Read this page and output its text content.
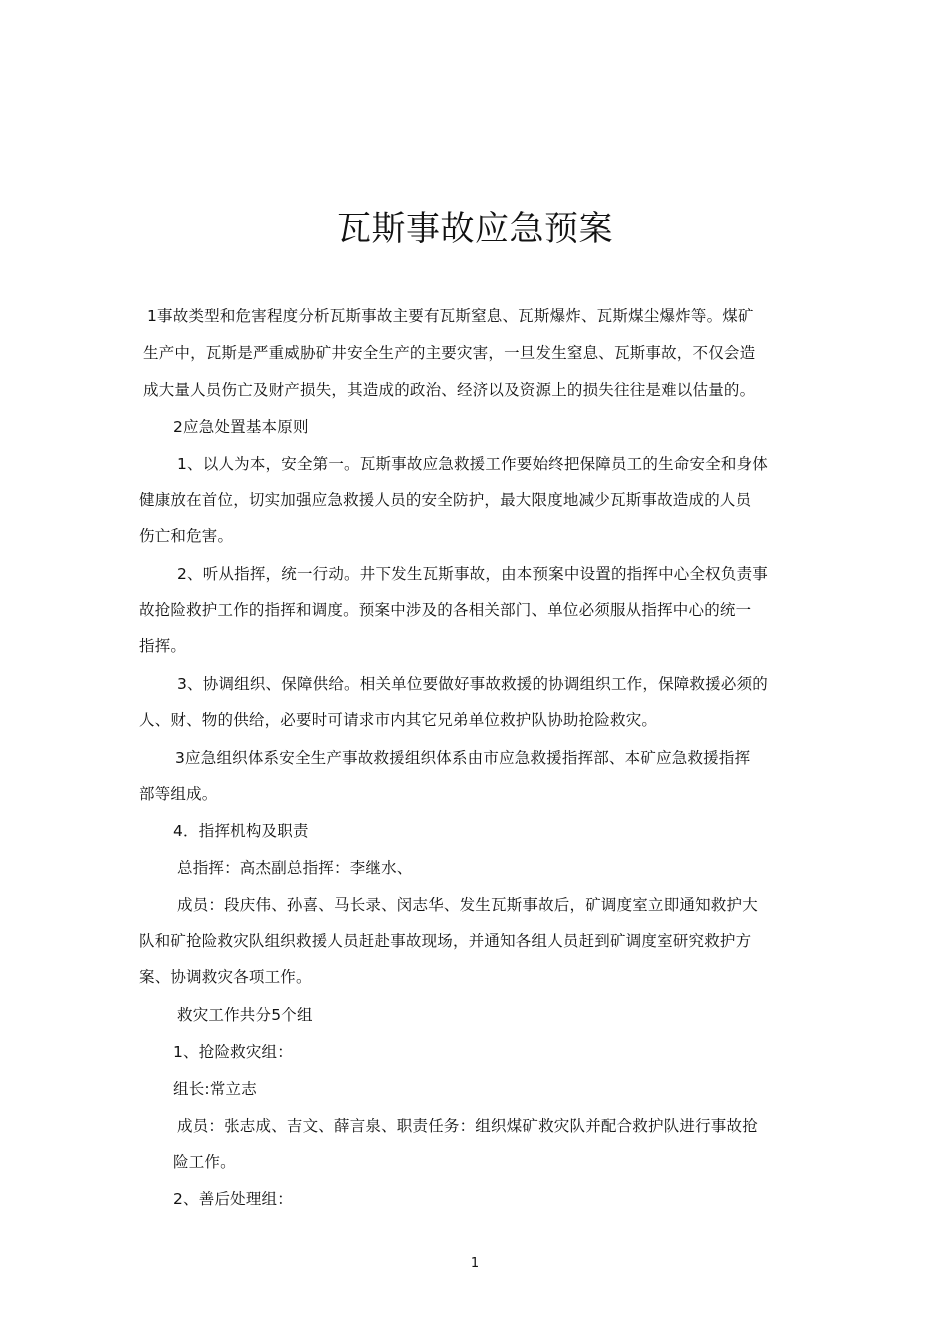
瓦斯事故应急预案
1事故类型和危害程度分析瓦斯事故主要有瓦斯窒息、瓦斯爆炸、瓦斯煤尘爆炸等。煤矿
生产中，瓦斯是严重威胁矿井安全生产的主要灾害，一旦发生窒息、瓦斯事故，不仅会造
成大量人员伤亡及财产损失，其造成的政治、经济以及资源上的损失往往是难以估量的。
2应急处置基本原则
1、以人为本，安全第一。瓦斯事故应急救援工作要始终把保障员工的生命安全和身体
健康放在首位，切实加强应急救援人员的安全防护，最大限度地减少瓦斯事故造成的人员
伤亡和危害。
2、听从指挥，统一行动。井下发生瓦斯事故，由本预案中设置的指挥中心全权负责事
故抢险救护工作的指挥和调度。预案中涉及的各相关部门、单位必须服从指挥中心的统一
指挥。
3、协调组织、保障供给。相关单位要做好事故救援的协调组织工作，保障救援必须的
人、财、物的供给，必要时可请求市内其它兄弟单位救护队协助抢险救灾。
3应急组织体系安全生产事故救援组织体系由市应急救援指挥部、本矿应急救援指挥
部等组成。
4．指挥机构及职责
总指挥：高杰副总指挥：李继水、
成员：段庆伟、孙喜、马长录、闵志华、发生瓦斯事故后，矿调度室立即通知救护大
队和矿抢险救灾队组织救援人员赶赴事故现场，并通知各组人员赶到矿调度室研究救护方
案、协调救灾各项工作。
救灾工作共分5个组
1、抢险救灾组：
组长:常立志
成员：张志成、吉文、薛言泉、职责任务：组织煤矿救灾队并配合救护队进行事故抢
险工作。
2、善后处理组：
1
